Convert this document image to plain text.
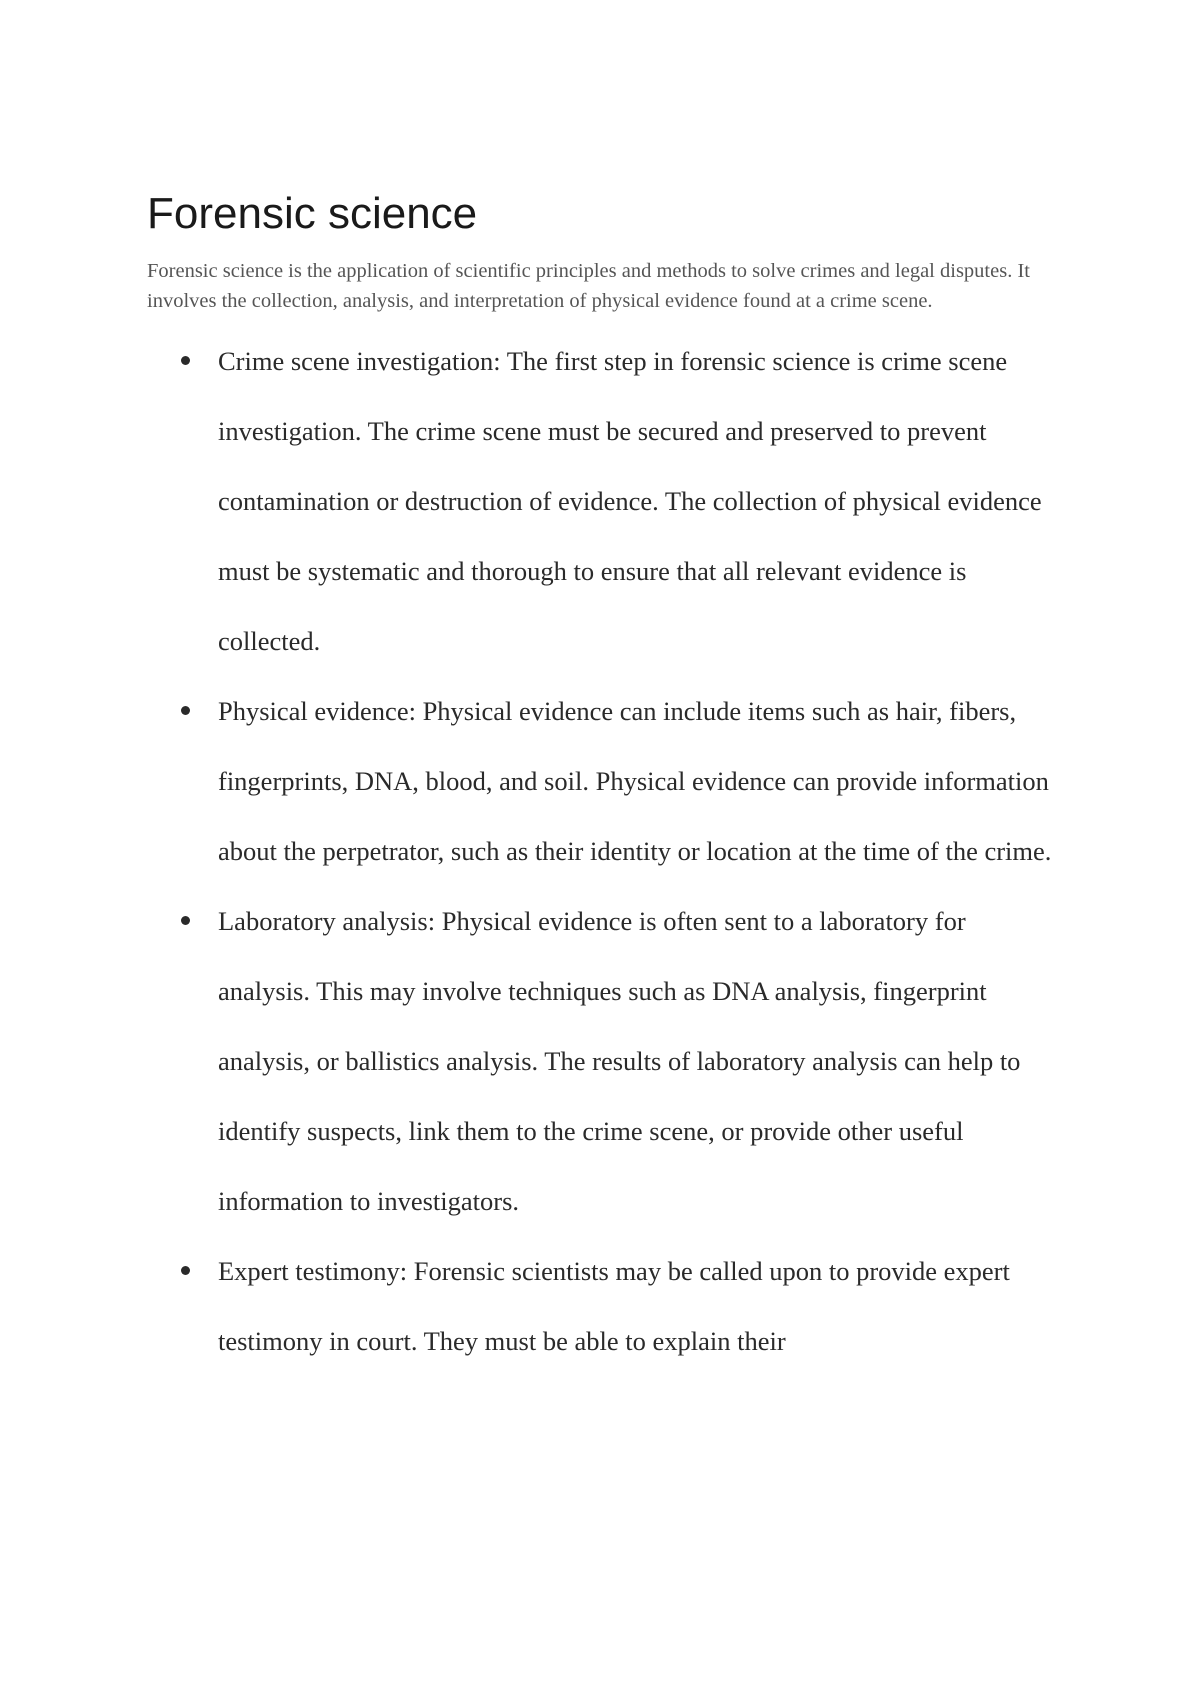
Forensic science

Forensic science is the application of scientific principles and methods to solve crimes and legal disputes. It involves the collection, analysis, and interpretation of physical evidence found at a crime scene.

Crime scene investigation: The first step in forensic science is crime scene investigation. The crime scene must be secured and preserved to prevent contamination or destruction of evidence. The collection of physical evidence must be systematic and thorough to ensure that all relevant evidence is collected.
Physical evidence: Physical evidence can include items such as hair, fibers, fingerprints, DNA, blood, and soil. Physical evidence can provide information about the perpetrator, such as their identity or location at the time of the crime.
Laboratory analysis: Physical evidence is often sent to a laboratory for analysis. This may involve techniques such as DNA analysis, fingerprint analysis, or ballistics analysis. The results of laboratory analysis can help to identify suspects, link them to the crime scene, or provide other useful information to investigators.
Expert testimony: Forensic scientists may be called upon to provide expert testimony in court. They must be able to explain their
